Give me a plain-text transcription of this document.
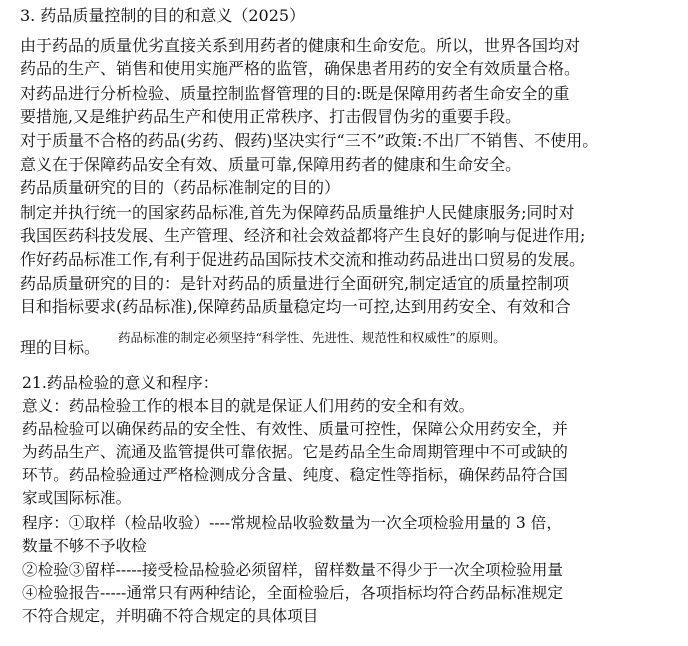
3. 药品质量控制的目的和意义（2025）
由于药品的质量优劣直接关系到用药者的健康和生命安危。所以，世界各国均对
药品的生产、销售和使用实施严格的监管，确保患者用药的安全有效质量合格。
对药品进行分析检验、质量控制监督管理的目的:既是保障用药者生命安全的重
要措施,又是维护药品生产和使用正常秩序、打击假冒伪劣的重要手段。
对于质量不合格的药品(劣药、假药)坚决实行“三不”政策:不出厂不销售、不使用。
意义在于保障药品安全有效、质量可靠,保障用药者的健康和生命安全。
药品质量研究的目的（药品标准制定的目的）
制定并执行统一的国家药品标准,首先为保障药品质量维护人民健康服务;同时对
我国医药科技发展、生产管理、经济和社会效益都将产生良好的影响与促进作用;
作好药品标准工作,有利于促进药品国际技术交流和推动药品进出口贸易的发展。
药品质量研究的目的：是针对药品的质量进行全面研究,制定适宜的质量控制项
目和指标要求(药品标准),保障药品质量稳定均一可控,达到用药安全、有效和合
药品标准的制定必须坚持“科学性、先进性、规范性和权威性”的原则。
理的目标。
21.药品检验的意义和程序：
意义：药品检验工作的根本目的就是保证人们用药的安全和有效。
药品检验可以确保药品的安全性、有效性、质量可控性，保障公众用药安全，并
为药品生产、流通及监管提供可靠依据。它是药品全生命周期管理中不可或缺的
环节。药品检验通过严格检测成分含量、纯度、稳定性等指标，确保药品符合国
家或国际标准。
程序：①取样（检品收验）----常规检品收验数量为一次全项检验用量的 3 倍，
数量不够不予收检
②检验③留样-----接受检品检验必须留样，留样数量不得少于一次全项检验用量
④检验报告-----通常只有两种结论，全面检验后，各项指标均符合药品标准规定
不符合规定，并明确不符合规定的具体项目
